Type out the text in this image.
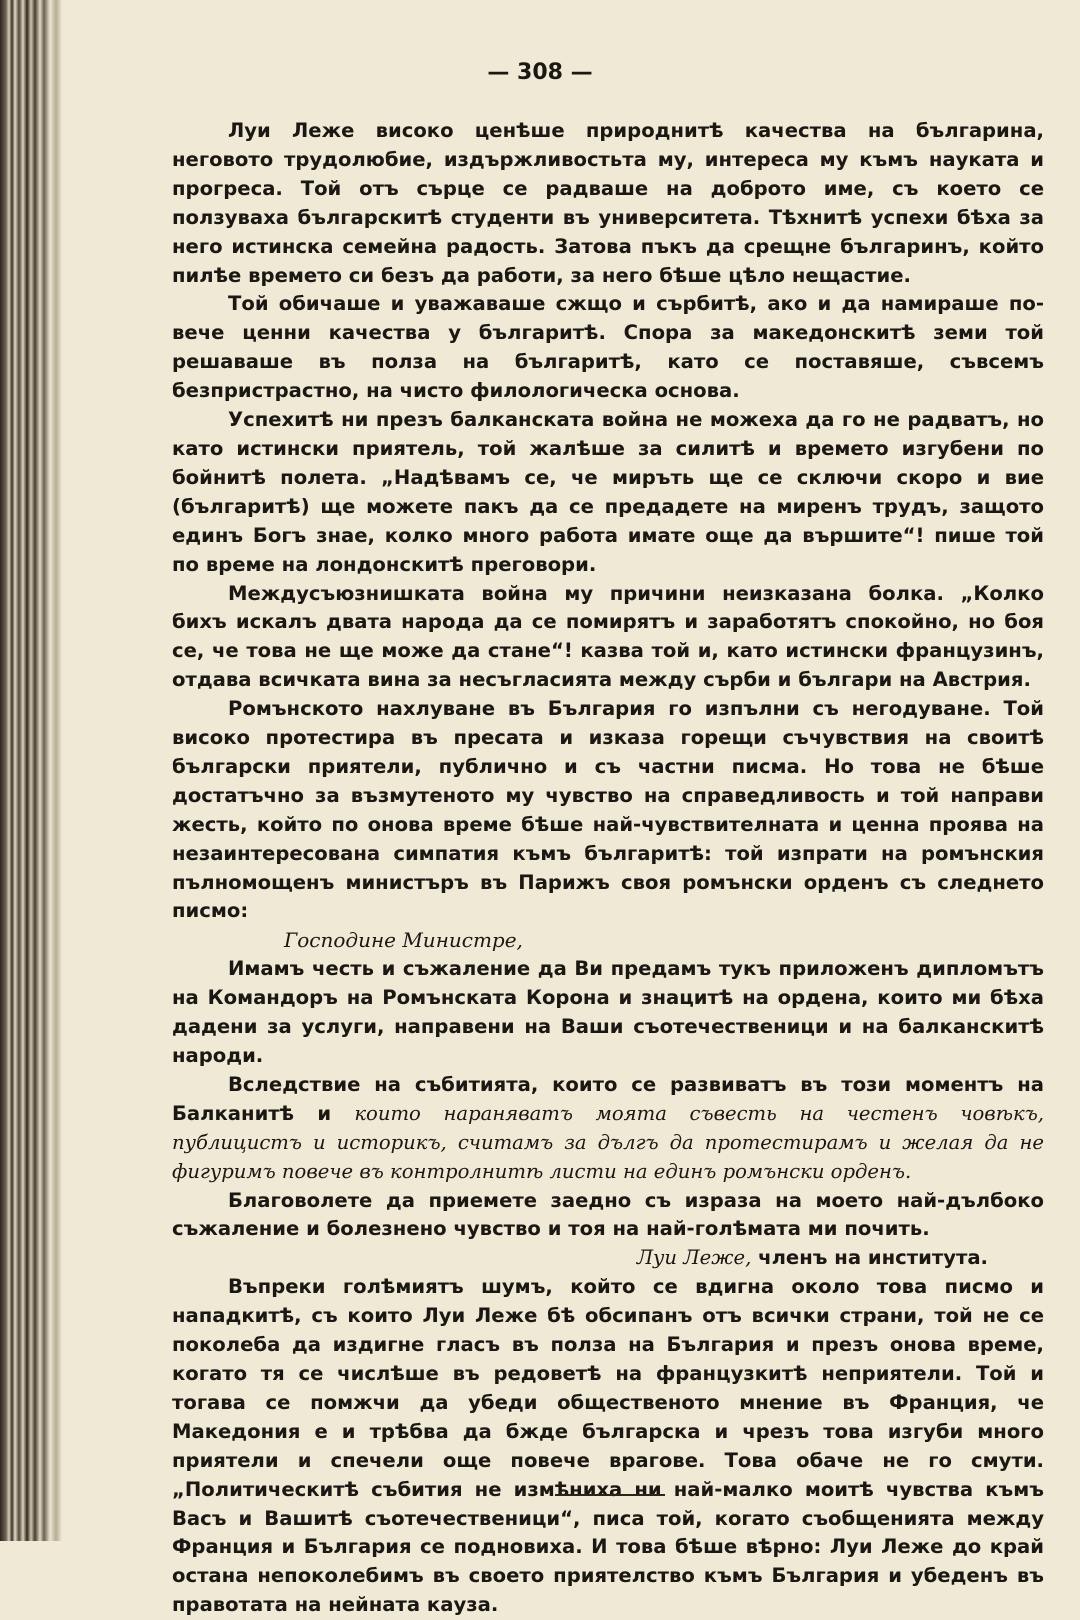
— 308 —

Луи Леже високо ценѣше природнитѣ качества на българина, неговото трудолюбие, издържливостьта му, интереса му къмъ науката и прогреса. Той отъ сърце се радваше на доброто име, съ което се ползуваха българскитѣ студенти въ университета. Тѣхнитѣ успехи бѣха за него истинска семейна радость. Затова пъкъ да срещне българинъ, който пилѣе времето си безъ да работи, за него бѣше цѣло нещастие.

Той обичаше и уважаваше сжщо и сърбитѣ, ако и да намираше по-вече ценни качества у българитѣ. Спора за македонскитѣ земи той решаваше въ полза на българитѣ, като се поставяше, съвсемъ безпристрастно, на чисто филологическа основа.

Успехитѣ ни презъ балканската война не можеха да го не радватъ, но като истински приятель, той жалѣше за силитѣ и времето изгубени по бойнитѣ полета. „Надѣвамъ се, че миръть ще се сключи скоро и вие (българитѣ) ще можете пакъ да се предадете на миренъ трудъ, защото единъ Богъ знае, колко много работа имате още да вършите“! пише той по време на лондонскитѣ преговори.

Междусъюзнишката война му причини неизказана болка. „Колко бихъ искалъ двата народа да се помирятъ и заработятъ спокойно, но боя се, че това не ще може да стане“! казва той и, като истински французинъ, отдава всичката вина за несъгласията между сърби и българи на Австрия.

Ромънското нахлуване въ България го изпълни съ негодуване. Той високо протестира въ пресата и изказа горещи съчувствия на своитѣ български приятели, публично и съ частни писма. Но това не бѣше достатъчно за възмутеното му чувство на справедливость и той направи жесть, който по онова време бѣше най-чувствителната и ценна проява на незаинтересована симпатия къмъ българитѣ: той изпрати на ромънския пълномощенъ министъръ въ Парижъ своя ромънски орденъ съ следнето писмо:

Господине Министре,

Имамъ честь и съжаление да Ви предамъ тукъ приложенъ дипломътъ на Командоръ на Ромънската Корона и знацитѣ на ордена, които ми бѣха дадени за услуги, направени на Ваши съотечественици и на балканскитѣ народи.

Вследствие на събитията, които се развиватъ въ този моментъ на Балканитѣ и които нараняватъ моята съвесть на честенъ човѣкъ, публицистъ и историкъ, считамъ за дългъ да протестирамъ и желая да не фигуримъ повече въ контролнитѣ листи на единъ ромънски орденъ.

Благоволете да приемете заедно съ израза на моето най-дълбоко съжаление и болезнено чувство и тоя на най-голѣмата ми почить.

Луи Леже, членъ на института.

Въпреки голѣмиятъ шумъ, който се вдигна около това писмо и нападкитѣ, съ които Луи Леже бѣ обсипанъ отъ всички страни, той не се поколеба да издигне гласъ въ полза на България и презъ онова време, когато тя се числѣше въ редоветѣ на французкитѣ неприятели. Той и тогава се помжчи да убеди общественото мнение въ Франция, че Македония е и трѣбва да бжде българска и чрезъ това изгуби много приятели и спечели още повече врагове. Това обаче не го смути. „Политическитѣ събития не измѣниха ни най-малко моитѣ чувства къмъ Васъ и Вашитѣ съотечественици“, писа той, когато съобщенията между Франция и България се подновиха. И това бѣше вѣрно: Луи Леже до край остана непоколебимъ въ своето приятелство къмъ България и убеденъ въ правотата на нейната кауза.
